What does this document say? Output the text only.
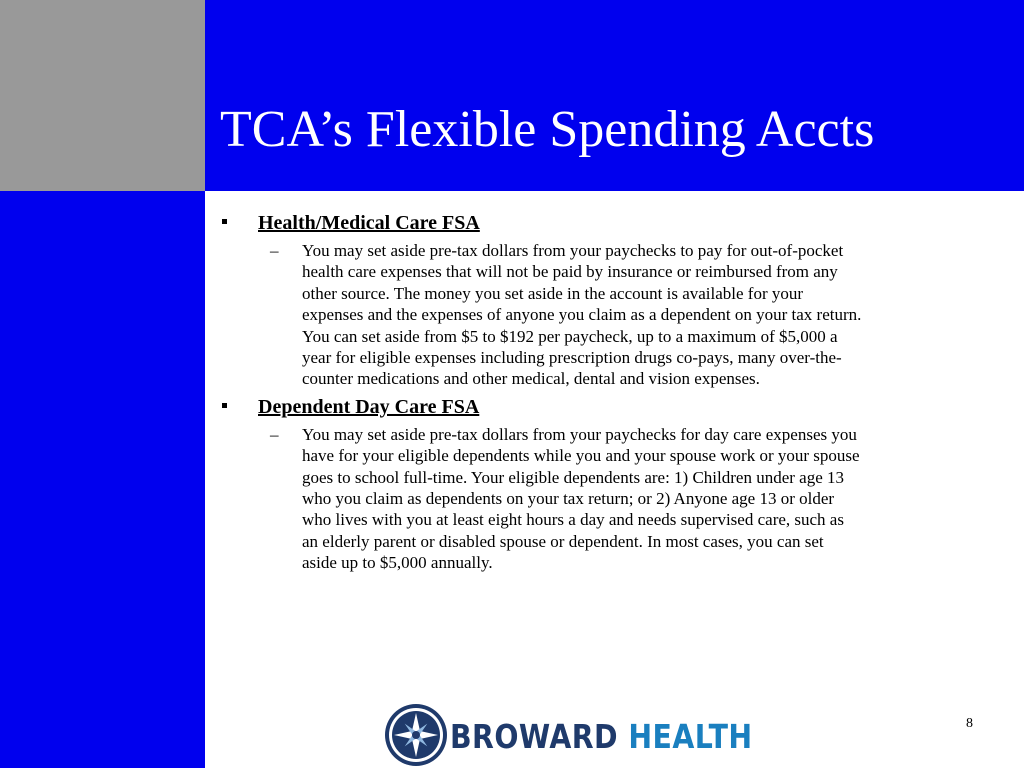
TCA’s Flexible Spending Accts
Health/Medical Care FSA
– You may set aside pre-tax dollars from your paychecks to pay for out-of-pocket health care expenses that will not be paid by insurance or reimbursed from any other source. The money you set aside in the account is available for your expenses and the expenses of anyone you claim as a dependent on your tax return. You can set aside from $5 to $192 per paycheck, up to a maximum of $5,000 a year for eligible expenses including prescription drugs co-pays, many over-the-counter medications and other medical, dental and vision expenses.
Dependent Day Care FSA
– You may set aside pre-tax dollars from your paychecks for day care expenses you have for your eligible dependents while you and your spouse work or your spouse goes to school full-time. Your eligible dependents are: 1) Children under age 13 who you claim as dependents on your tax return; or 2) Anyone age 13 or older who lives with you at least eight hours a day and needs supervised care, such as an elderly parent or disabled spouse or dependent. In most cases, you can set aside up to $5,000 annually.
BROWARD HEALTH	8
